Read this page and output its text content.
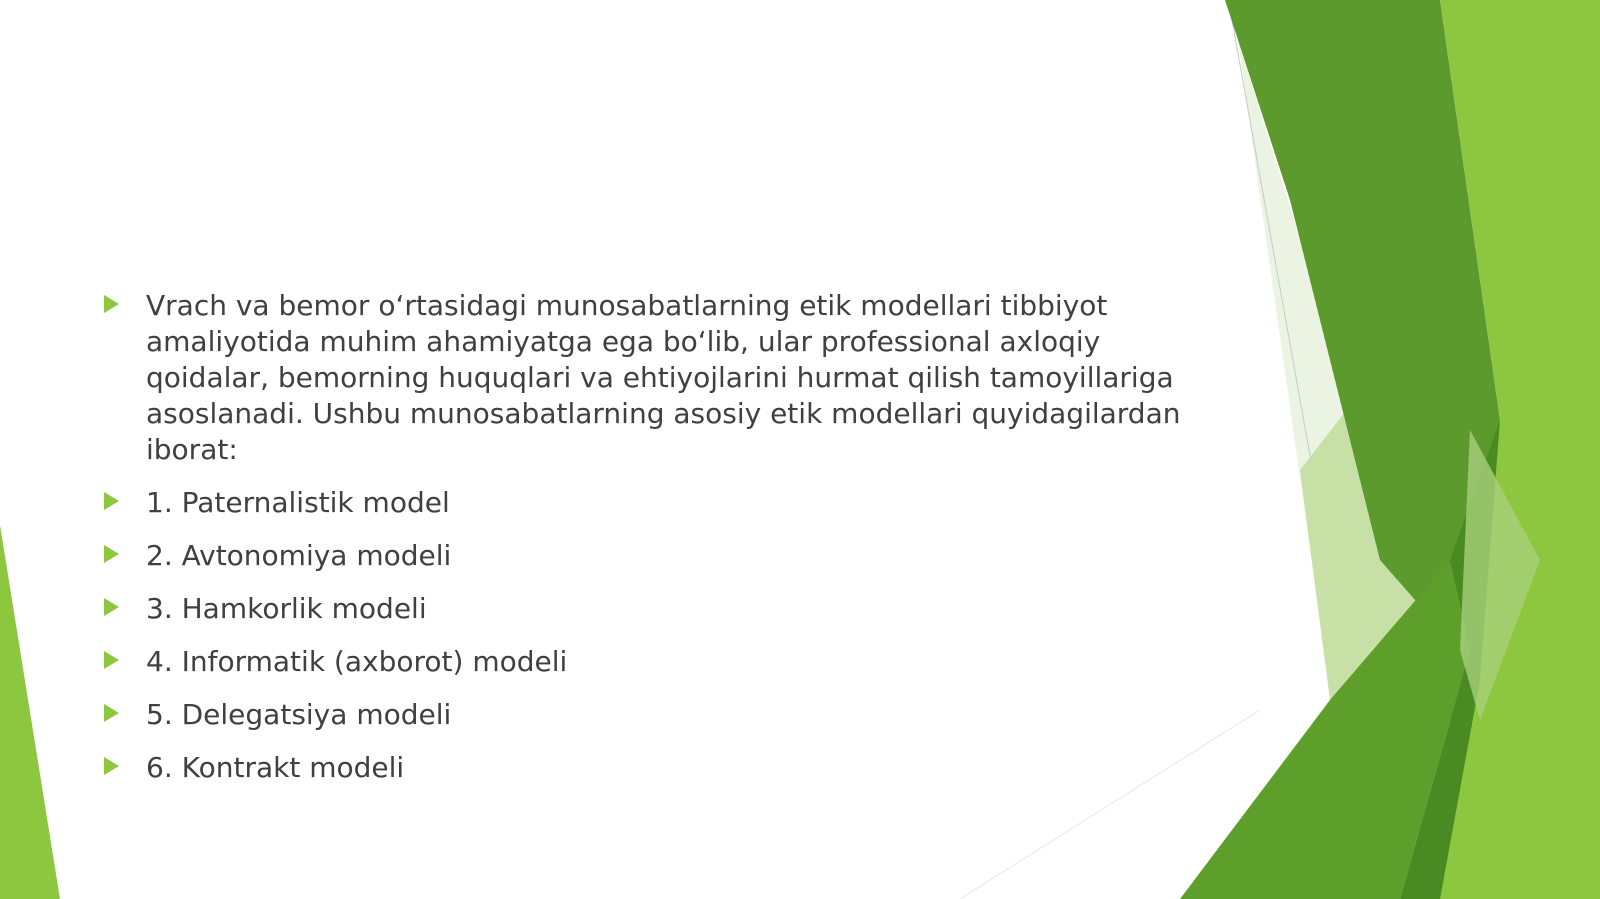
Vrach va bemor o‘rtasidagi munosabatlarning etik modellari tibbiyot amaliyotida muhim ahamiyatga ega bo‘lib, ular professional axloqiy qoidalar, bemorning huquqlari va ehtiyojlarini hurmat qilish tamoyillariga asoslanadi. Ushbu munosabatlarning asosiy etik modellari quyidagilardan iborat:
1. Paternalistik model
2. Avtonomiya modeli
3. Hamkorlik modeli
4. Informatik (axborot) modeli
5. Delegatsiya modeli
6. Kontrakt modeli
